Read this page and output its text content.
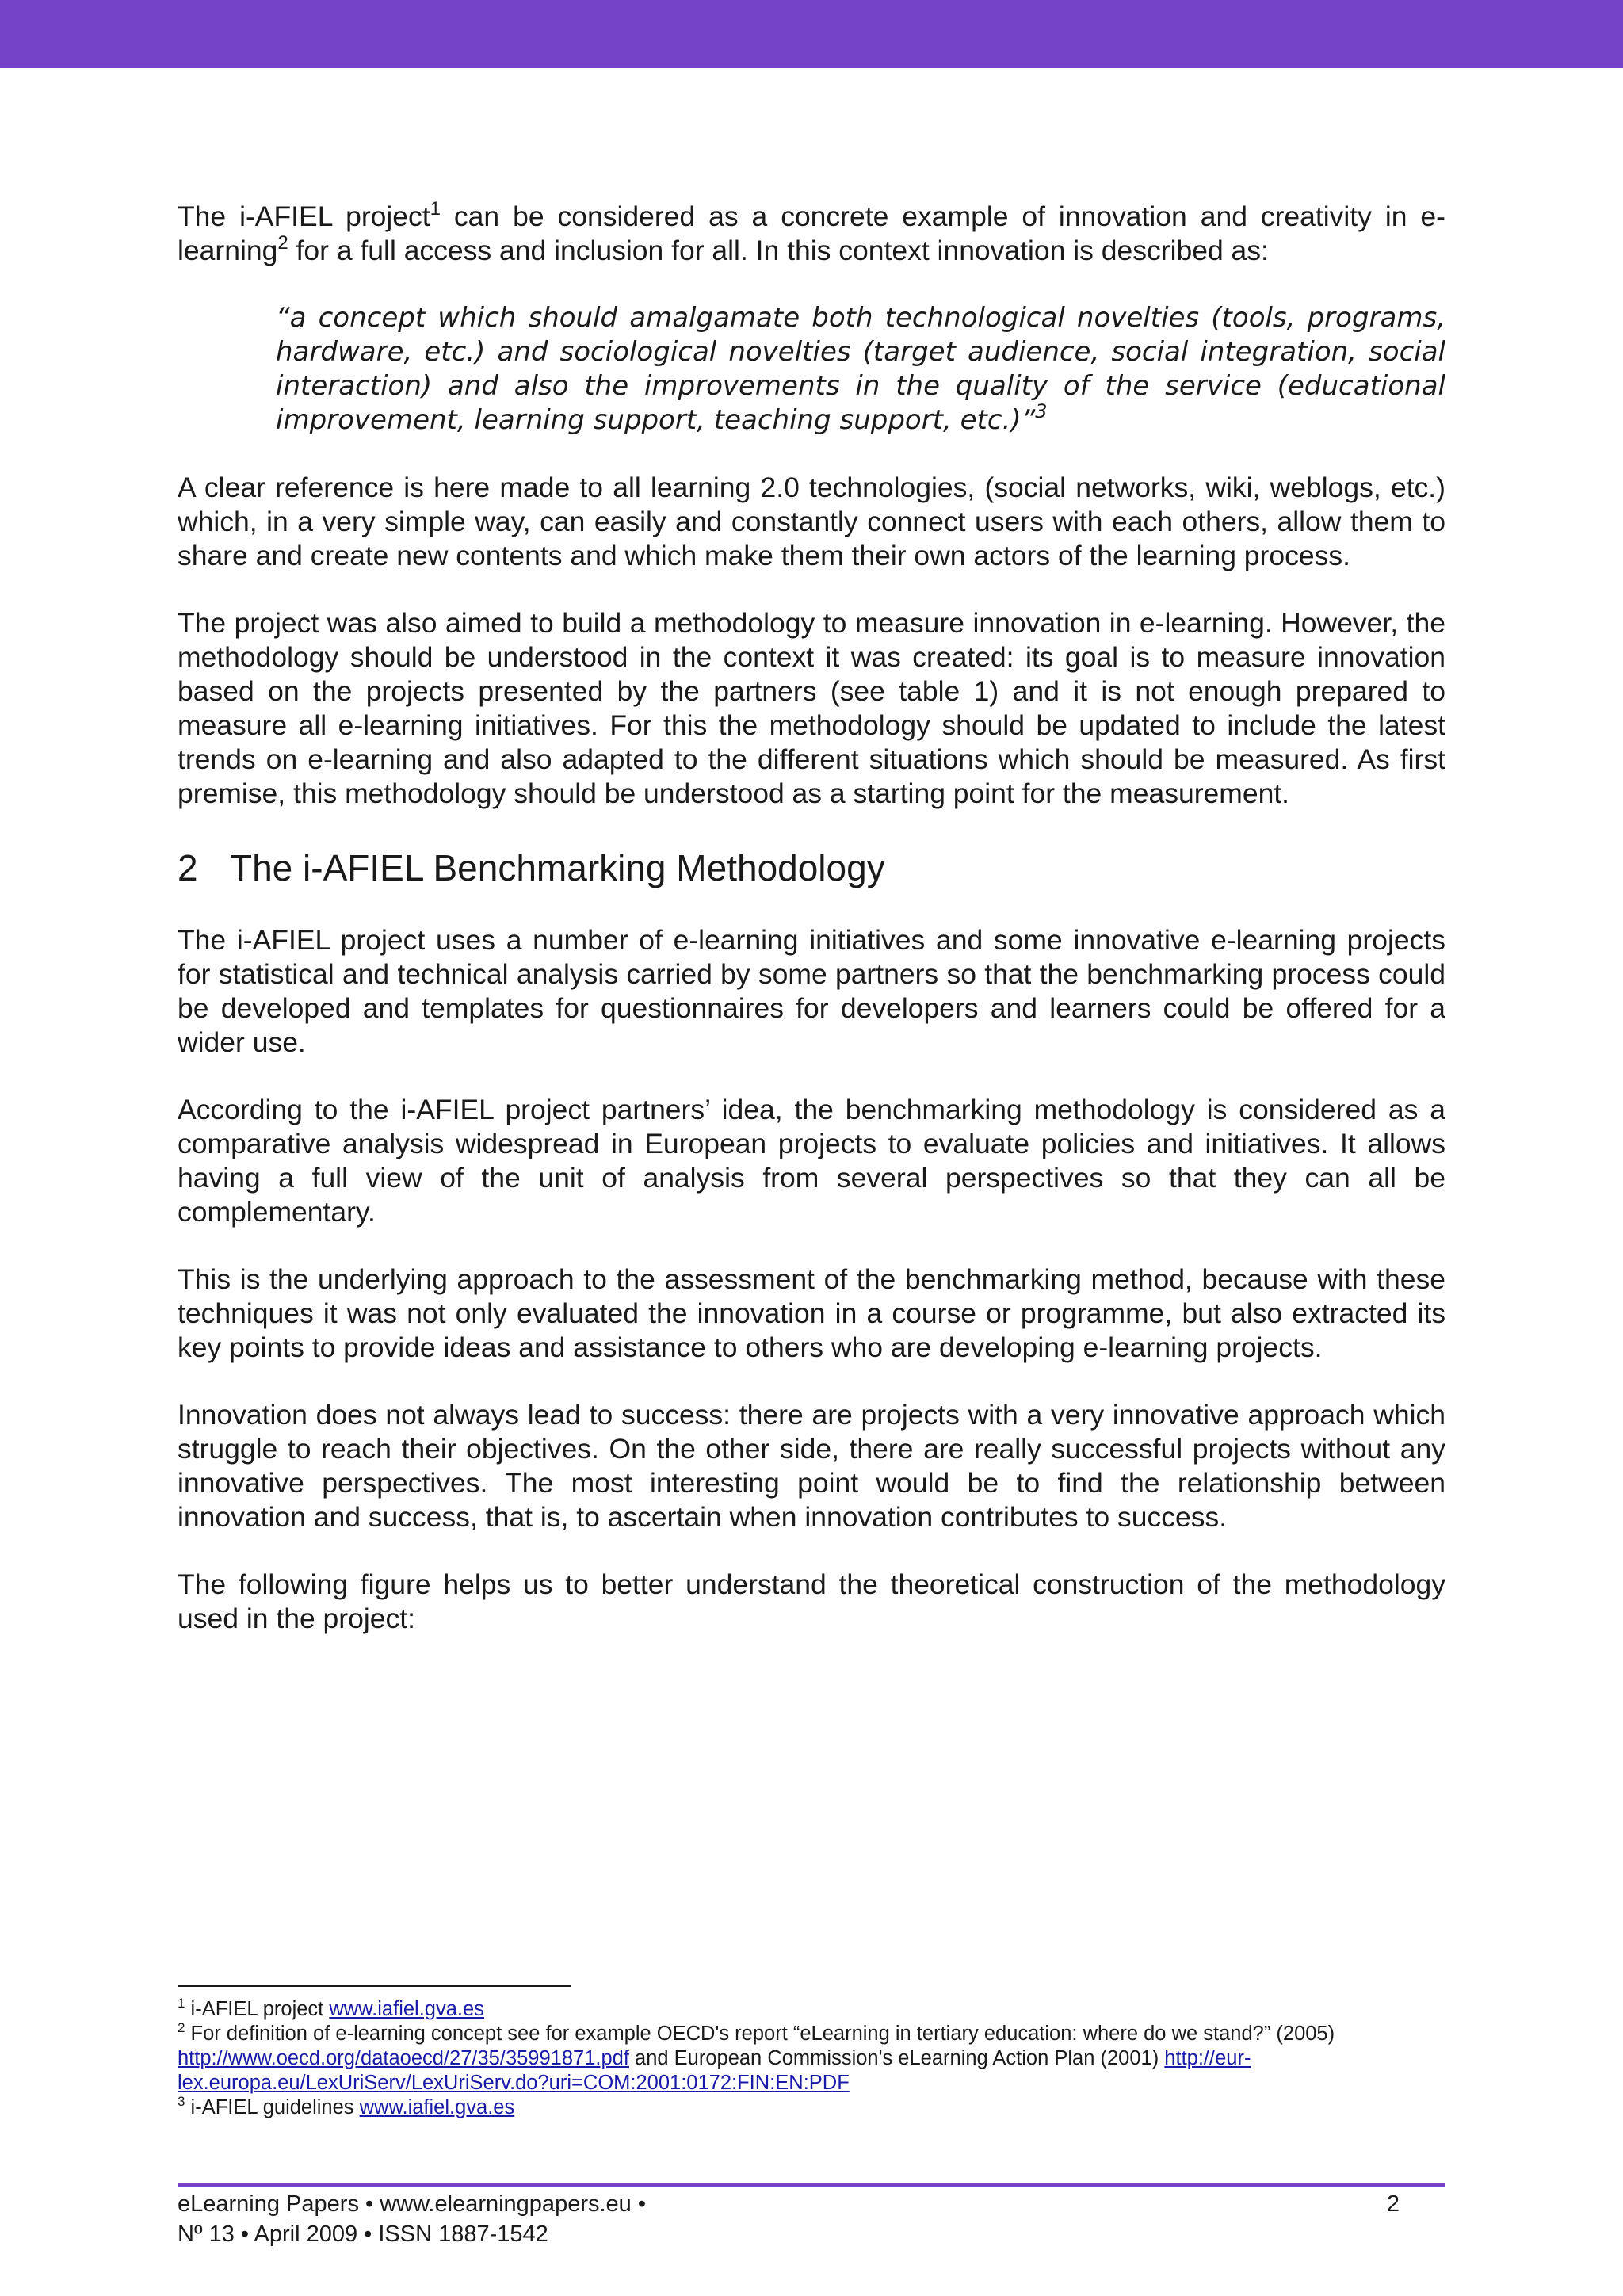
The i-AFIEL project$^1$ can be considered as a concrete example of innovation and creativity in e-learning$^2$ for a full access and inclusion for all. In this context innovation is described as:

“a concept which should amalgamate both technological novelties (tools, programs, hardware, etc.) and sociological novelties (target audience, social integration, social interaction) and also the improvements in the quality of the service (educational improvement, learning support, teaching support, etc.)”$^3$

A clear reference is here made to all learning 2.0 technologies, (social networks, wiki, weblogs, etc.) which, in a very simple way, can easily and constantly connect users with each others, allow them to share and create new contents and which make them their own actors of the learning process.

The project was also aimed to build a methodology to measure innovation in e-learning. However, the methodology should be understood in the context it was created: its goal is to measure innovation based on the projects presented by the partners (see table 1) and it is not enough prepared to measure all e-learning initiatives. For this the methodology should be updated to include the latest trends on e-learning and also adapted to the different situations which should be measured. As first premise, this methodology should be understood as a starting point for the measurement.

2 The i-AFIEL Benchmarking Methodology

The i-AFIEL project uses a number of e-learning initiatives and some innovative e-learning projects for statistical and technical analysis carried by some partners so that the benchmarking process could be developed and templates for questionnaires for developers and learners could be offered for a wider use.

According to the i-AFIEL project partners’ idea, the benchmarking methodology is considered as a comparative analysis widespread in European projects to evaluate policies and initiatives. It allows having a full view of the unit of analysis from several perspectives so that they can all be complementary.

This is the underlying approach to the assessment of the benchmarking method, because with these techniques it was not only evaluated the innovation in a course or programme, but also extracted its key points to provide ideas and assistance to others who are developing e-learning projects.

Innovation does not always lead to success: there are projects with a very innovative approach which struggle to reach their objectives. On the other side, there are really successful projects without any innovative perspectives. The most interesting point would be to find the relationship between innovation and success, that is, to ascertain when innovation contributes to success.

The following figure helps us to better understand the theoretical construction of the methodology used in the project:

$^1$ i-AFIEL project www.iafiel.gva.es

$^2$ For definition of e-learning concept see for example OECD's report “eLearning in tertiary education: where do we stand?” (2005) http://www.oecd.org/dataoecd/27/35/35991871.pdf and European Commission's eLearning Action Plan (2001) http://eur-lex.europa.eu/LexUriServ/LexUriServ.do?uri=COM:2001:0172:FIN:EN:PDF

$^3$ i-AFIEL guidelines www.iafiel.gva.es

eLearning Papers • www.elearningpapers.eu •
Nº 13 • April 2009 • ISSN 1887-1542
2
